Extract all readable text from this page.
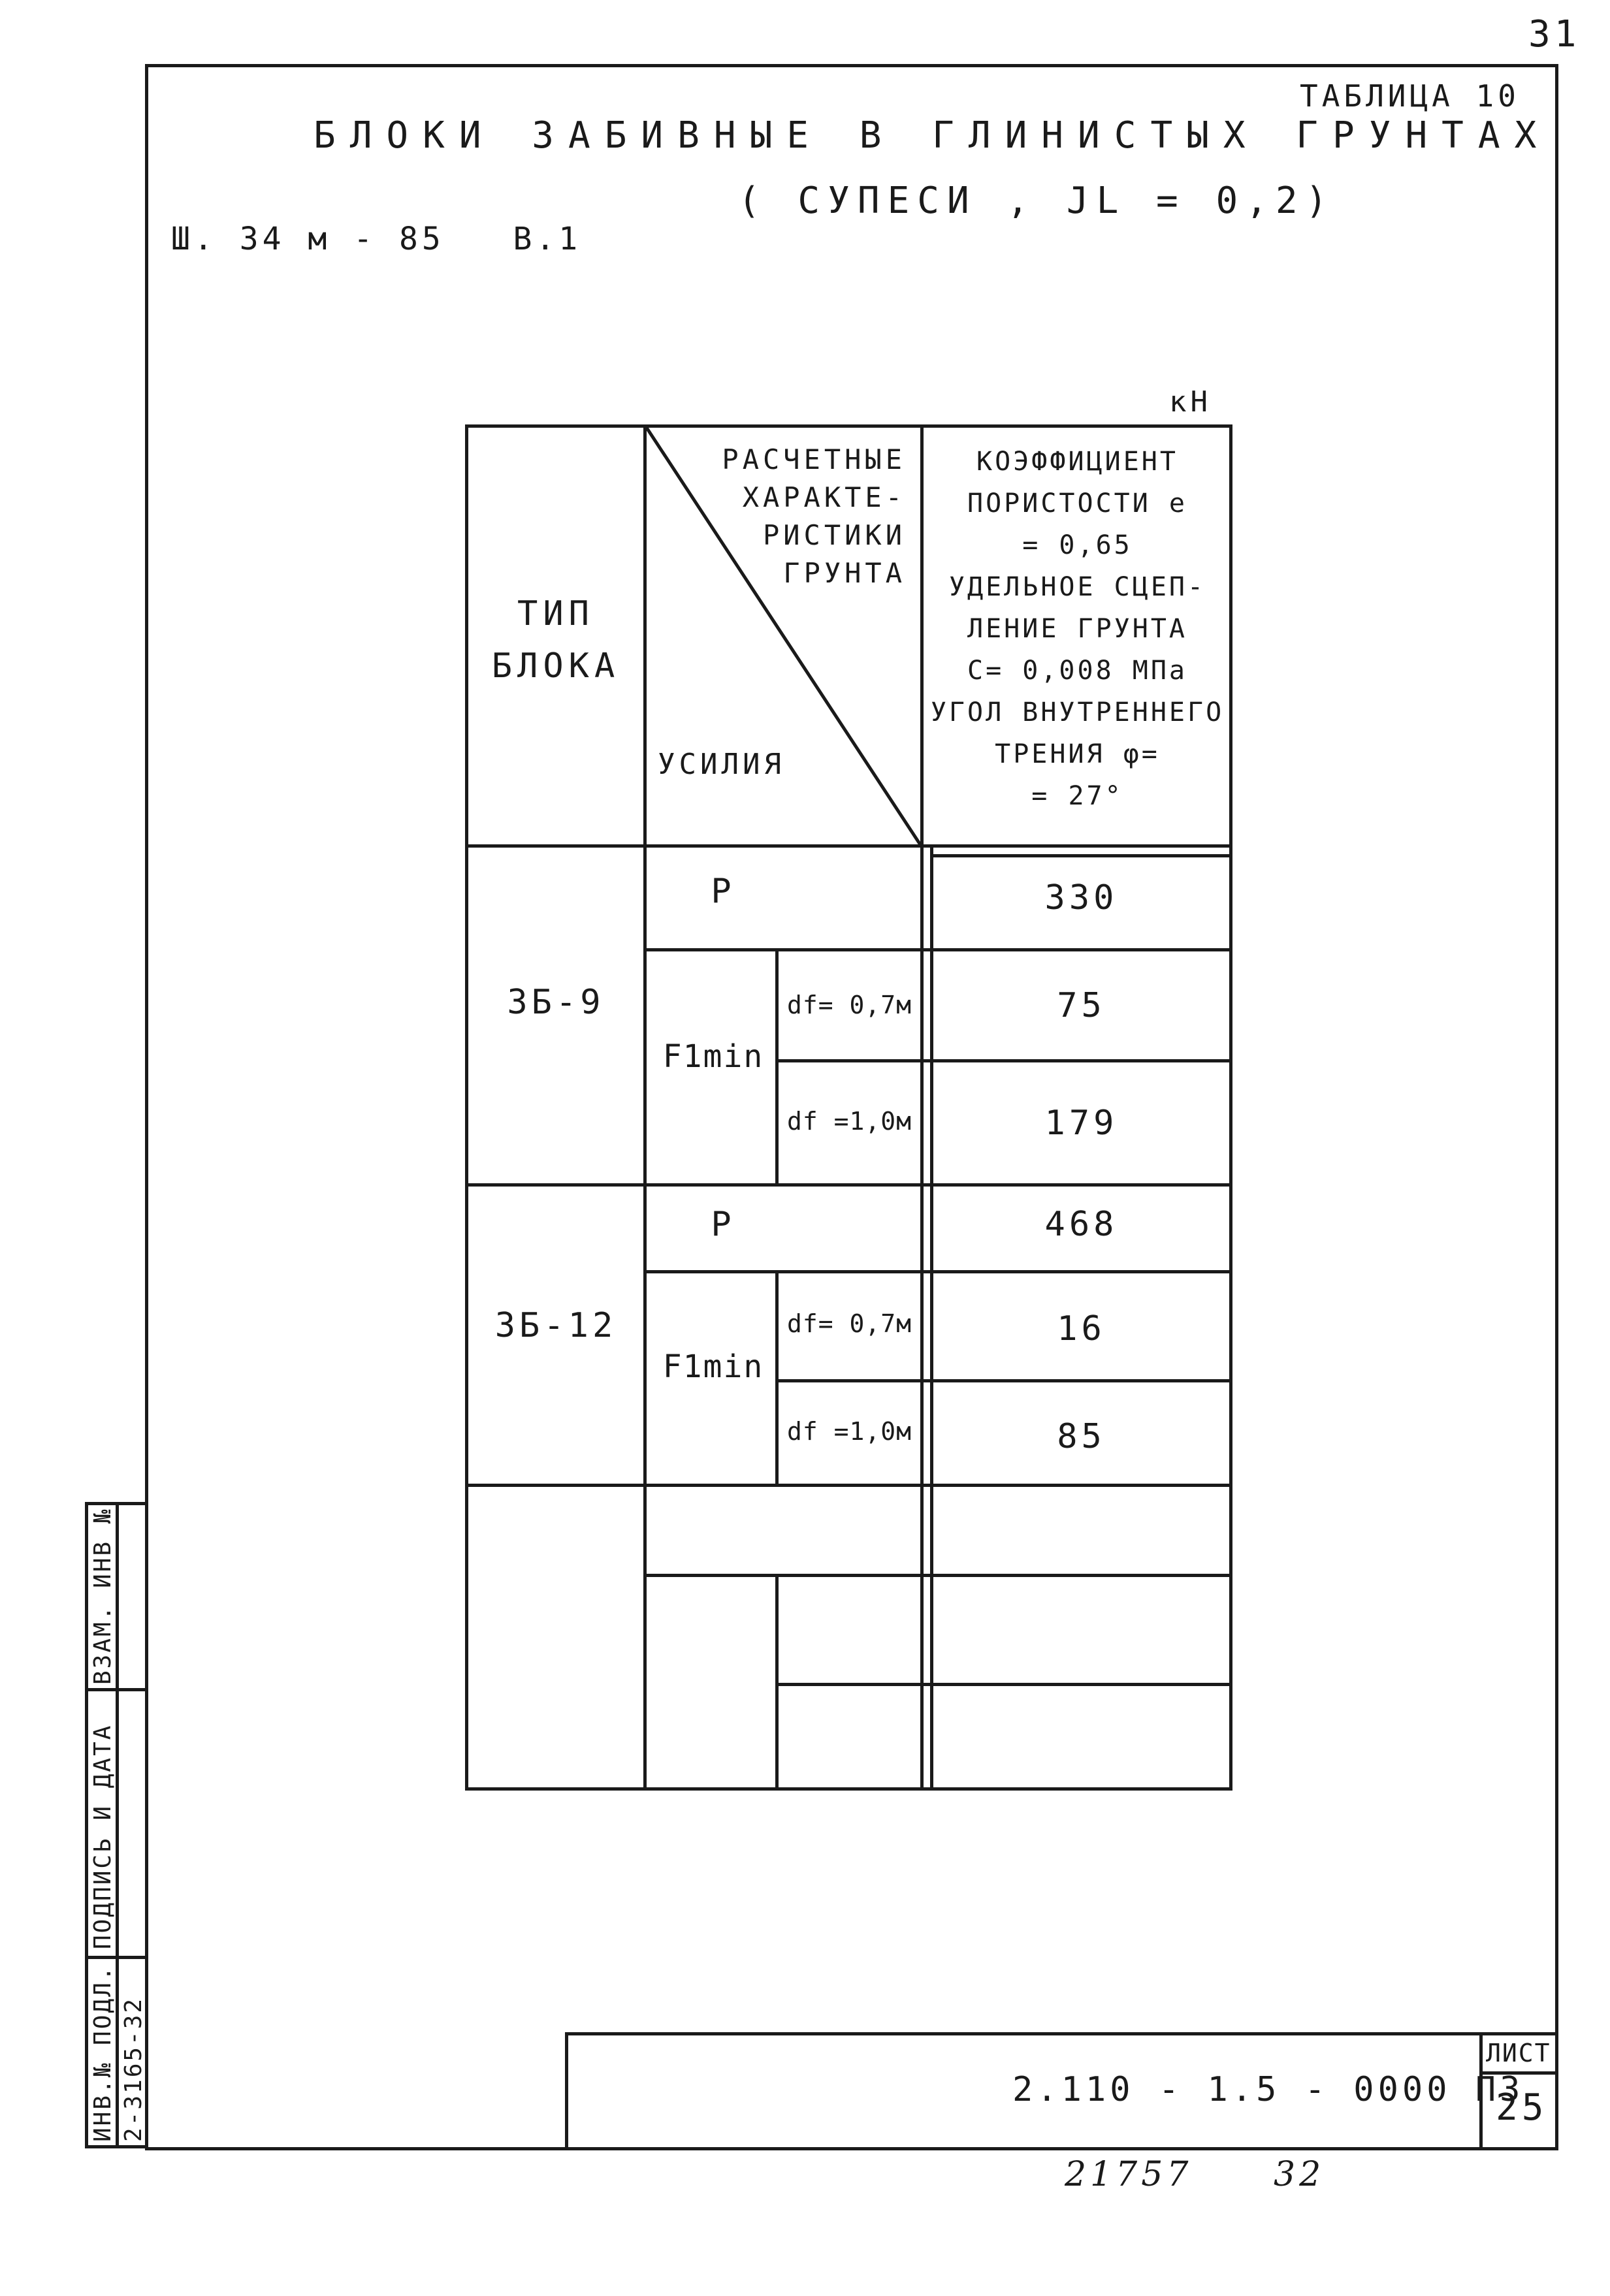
31
ТАБЛИЦА 10
БЛОКИ ЗАБИВНЫЕ В ГЛИНИСТЫХ ГРУНТАХ
( СУПЕСИ , JL = 0,2)
Ш. 34 м - 85   В.1
кН
ТИП
БЛОКА
РАСЧЕТНЫЕ
ХАРАКТЕ-
РИСТИКИ
ГРУНТА
УСИЛИЯ
КОЭФФИЦИЕНТ
ПОРИСТОСТИ e
= 0,65
УДЕЛЬНОЕ СЦЕП-
ЛЕНИЕ ГРУНТА
C= 0,008 МПа
УГОЛ ВНУТРЕННЕГО
ТРЕНИЯ φ=
= 27°
3Б-9
P	330
F1min
df= 0,7м	75
df =1,0м	179
3Б-12
P	468
F1min
df= 0,7м	16
df =1,0м	85
ВЗАМ. ИНВ №
ПОДПИСЬ И ДАТА
ИНВ.№ ПОДЛ. 2-3165-32	2.110 - 1.5 - 0000 ПЗ
ЛИСТ
25
21757 32
